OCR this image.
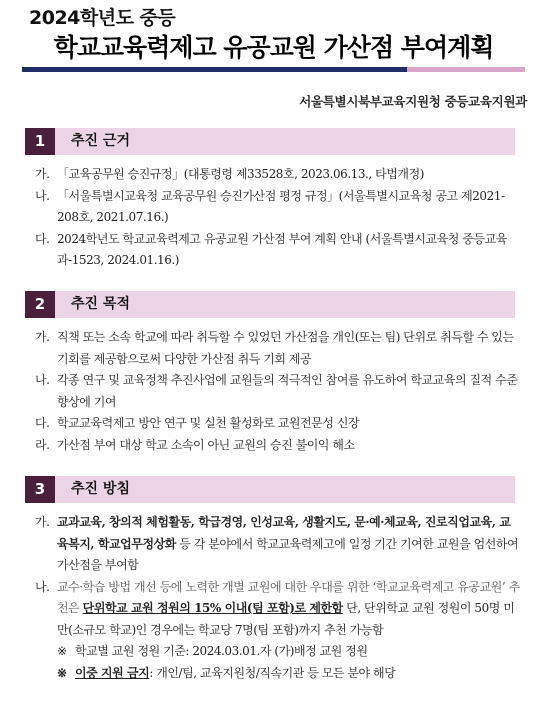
2024학년도 중등
학교교육력제고 유공교원 가산점 부여계획
서울특별시북부교육지원청 중등교육지원과
1	추진 근거
가. 「교육공무원 승진규정」(대통령령 제33528호, 2023.06.13., 타법개정)
나. 「서울특별시교육청 교육공무원 승진가산점 평정 규정」(서울특별시교육청 공고 제2021-208호, 2021.07.16.)
다. 2024학년도 학교교육력제고 유공교원 가산점 부여 계획 안내 (서울특별시교육청 중등교육과-1523, 2024.01.16.)
2	추진 목적
가. 직책 또는 소속 학교에 따라 취득할 수 있었던 가산점을 개인(또는 팀) 단위로 취득할 수 있는 기회를 제공함으로써 다양한 가산점 취득 기회 제공
나. 각종 연구 및 교육정책 추진사업에 교원들의 적극적인 참여를 유도하여 학교교육의 질적 수준 향상에 기여
다. 학교교육력제고 방안 연구 및 실천 활성화로 교원전문성 신장
라. 가산점 부여 대상 학교 소속이 아닌 교원의 승진 불이익 해소
3	추진 방침
가. 교과교육, 창의적 체험활동, 학급경영, 인성교육, 생활지도, 문·예·체교육, 진로직업교육, 교육복지, 학교업무정상화 등 각 분야에서 학교교육력제고에 일정 기간 기여한 교원을 엄선하여 가산점을 부여함
나. 교수·학습 방법 개선 등에 노력한 개별 교원에 대한 우대를 위한 ‘학교교육력제고 유공교원’ 추천은 단위학교 교원 정원의 15% 이내(팀 포함)로 제한함 단, 단위학교 교원 정원이 50명 미만(소규모 학교)인 경우에는 학교당 7명(팀 포함)까지 추천 가능함
※ 학교별 교원 정원 기준: 2024.03.01.자 (가)배정 교원 정원
※ 이중 지원 금지: 개인/팀, 교육지원청/직속기관 등 모든 분야 해당
